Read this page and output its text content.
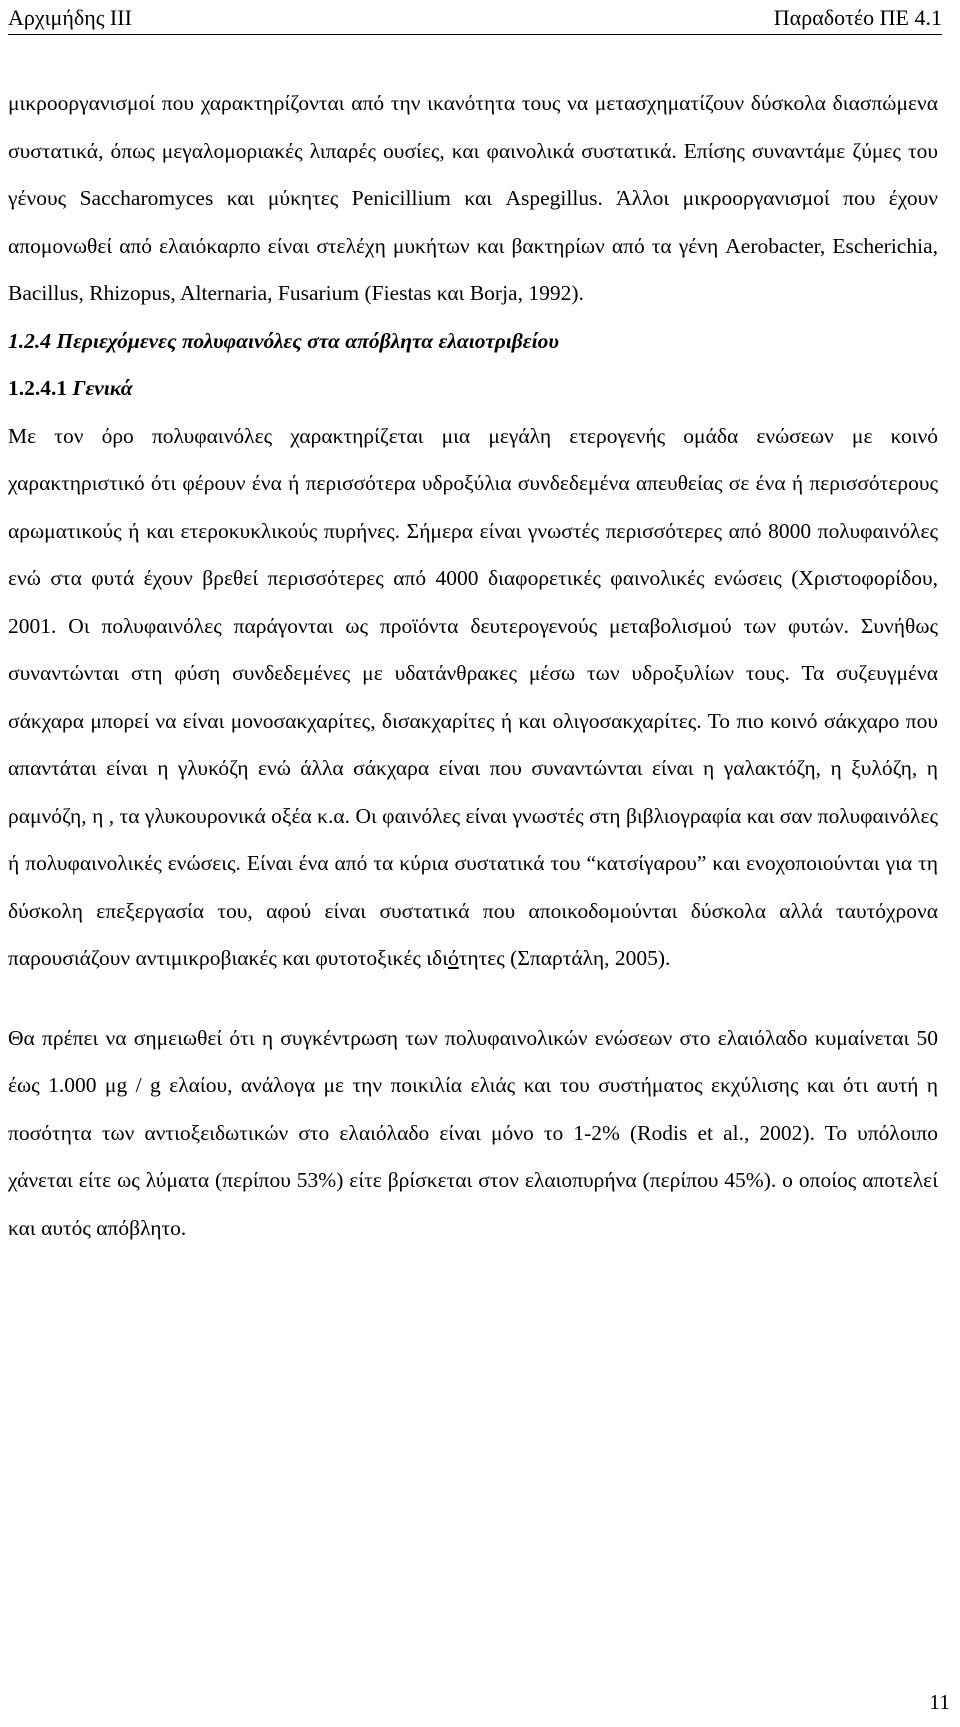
Αρχιμήδης ΙΙΙ	Παραδοτέο ΠΕ 4.1

μικροοργανισμοί που χαρακτηρίζονται από την ικανότητα τους να μετασχηματίζουν δύσκολα διασπώμενα συστατικά, όπως μεγαλομοριακές λιπαρές ουσίες, και φαινολικά συστατικά. Επίσης συναντάμε ζύμες του γένους Saccharomyces και μύκητες Penicillium και Aspegillus. Άλλοι μικροοργανισμοί που έχουν απομονωθεί από ελαιόκαρπο είναι στελέχη μυκήτων και βακτηρίων από τα γένη Aerobacter, Escherichia, Bacillus, Rhizopus, Alternaria, Fusarium (Fiestas και Borja, 1992).

1.2.4 Περιεχόμενες πολυφαινόλες στα απόβλητα ελαιοτριβείου
1.2.4.1 Γενικά

Με τον όρο πολυφαινόλες χαρακτηρίζεται μια μεγάλη ετερογενής ομάδα ενώσεων με κοινό χαρακτηριστικό ότι φέρουν ένα ή περισσότερα υδροξύλια συνδεδεμένα απευθείας σε ένα ή περισσότερους αρωματικούς ή και ετεροκυκλικούς πυρήνες. Σήμερα είναι γνωστές περισσότερες από 8000 πολυφαινόλες ενώ στα φυτά έχουν βρεθεί περισσότερες από 4000 διαφορετικές φαινολικές ενώσεις (Χριστοφορίδου, 2001. Οι πολυφαινόλες παράγονται ως προϊόντα δευτερογενούς μεταβολισμού των φυτών. Συνήθως συναντώνται στη φύση συνδεδεμένες με υδατάνθρακες μέσω των υδροξυλίων τους. Τα συζευγμένα σάκχαρα μπορεί να είναι μονοσακχαρίτες, δισακχαρίτες ή και ολιγοσακχαρίτες. Το πιο κοινό σάκχαρο που απαντάται είναι η γλυκόζη ενώ άλλα σάκχαρα είναι που συναντώνται είναι η γαλακτόζη, η ξυλόζη, η ραμνόζη, η , τα γλυκουρονικά οξέα κ.α. Οι φαινόλες είναι γνωστές στη βιβλιογραφία και σαν πολυφαινόλες ή πολυφαινολικές ενώσεις. Είναι ένα από τα κύρια συστατικά του “κατσίγαρου” και ενοχοποιούνται για τη δύσκολη επεξεργασία του, αφού είναι συστατικά που αποικοδομούνται δύσκολα αλλά ταυτόχρονα παρουσιάζουν αντιμικροβιακές και φυτοτοξικές ιδιότητες (Σπαρτάλη, 2005).

Θα πρέπει να σημειωθεί ότι η συγκέντρωση των πολυφαινολικών ενώσεων στο ελαιόλαδο κυμαίνεται 50 έως 1.000 μg / g ελαίου, ανάλογα με την ποικιλία ελιάς και του συστήματος εκχύλισης και ότι αυτή η ποσότητα των αντιοξειδωτικών στο ελαιόλαδο είναι μόνο το 1-2% (Rodis et al., 2002). Το υπόλοιπο χάνεται είτε ως λύματα (περίπου 53%) είτε βρίσκεται στον ελαιοπυρήνα (περίπου 45%). ο οποίος αποτελεί και αυτός απόβλητο.

11
